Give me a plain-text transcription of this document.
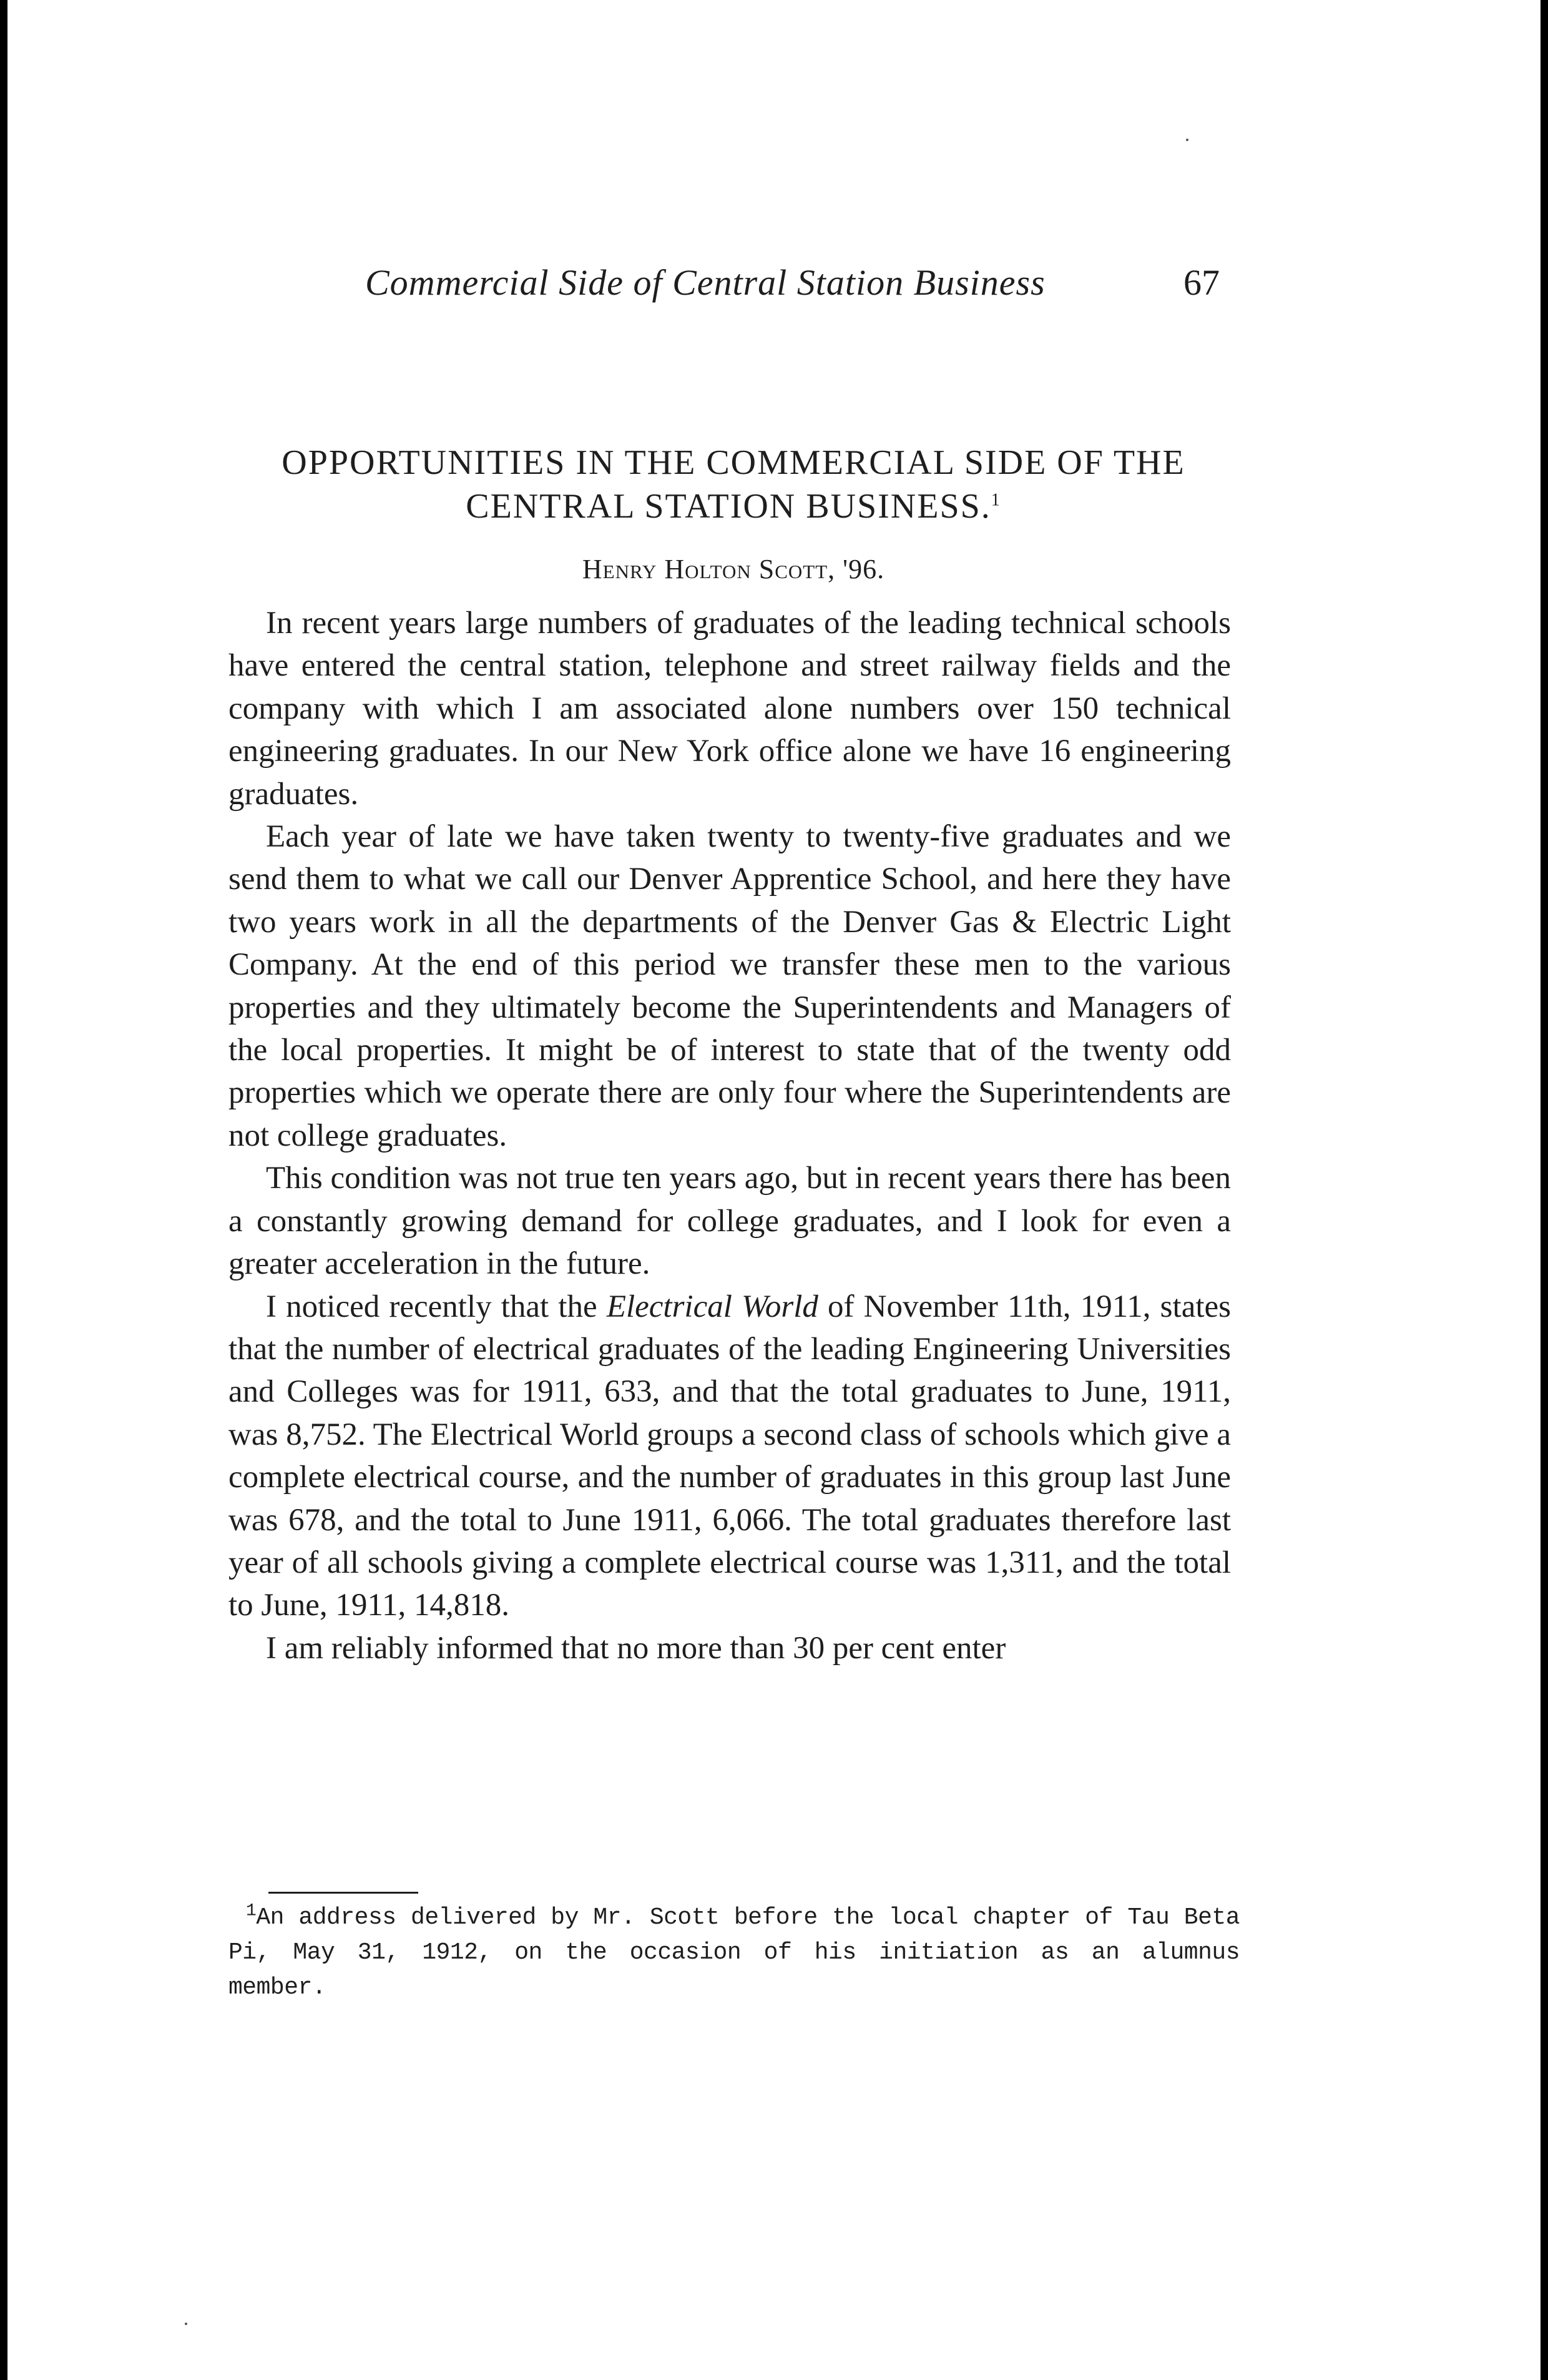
Commercial Side of Central Station Business	67
OPPORTUNITIES IN THE COMMERCIAL SIDE OF THE
CENTRAL STATION BUSINESS.$^1$
Henry Holton Scott, '96.

In recent years large numbers of graduates of the leading technical schools have entered the central station, telephone and street railway fields and the company with which I am associated alone numbers over 150 technical engineering graduates. In our New York office alone we have 16 engineering graduates.

Each year of late we have taken twenty to twenty-five graduates and we send them to what we call our Denver Apprentice School, and here they have two years work in all the departments of the Denver Gas & Electric Light Company. At the end of this period we transfer these men to the various properties and they ultimately become the Superintendents and Managers of the local properties. It might be of interest to state that of the twenty odd properties which we operate there are only four where the Superintendents are not college graduates.

This condition was not true ten years ago, but in recent years there has been a constantly growing demand for college graduates, and I look for even a greater acceleration in the future.

I noticed recently that the Electrical World of November 11th, 1911, states that the number of electrical graduates of the leading Engineering Universities and Colleges was for 1911, 633, and that the total graduates to June, 1911, was 8,752. The Electrical World groups a second class of schools which give a complete electrical course, and the number of graduates in this group last June was 678, and the total to June 1911, 6,066. The total graduates therefore last year of all schools giving a complete electrical course was 1,311, and the total to June, 1911, 14,818.

I am reliably informed that no more than 30 per cent enter

$^1$An address delivered by Mr. Scott before the local chapter of Tau Beta Pi, May 31, 1912, on the occasion of his initiation as an alumnus member.
